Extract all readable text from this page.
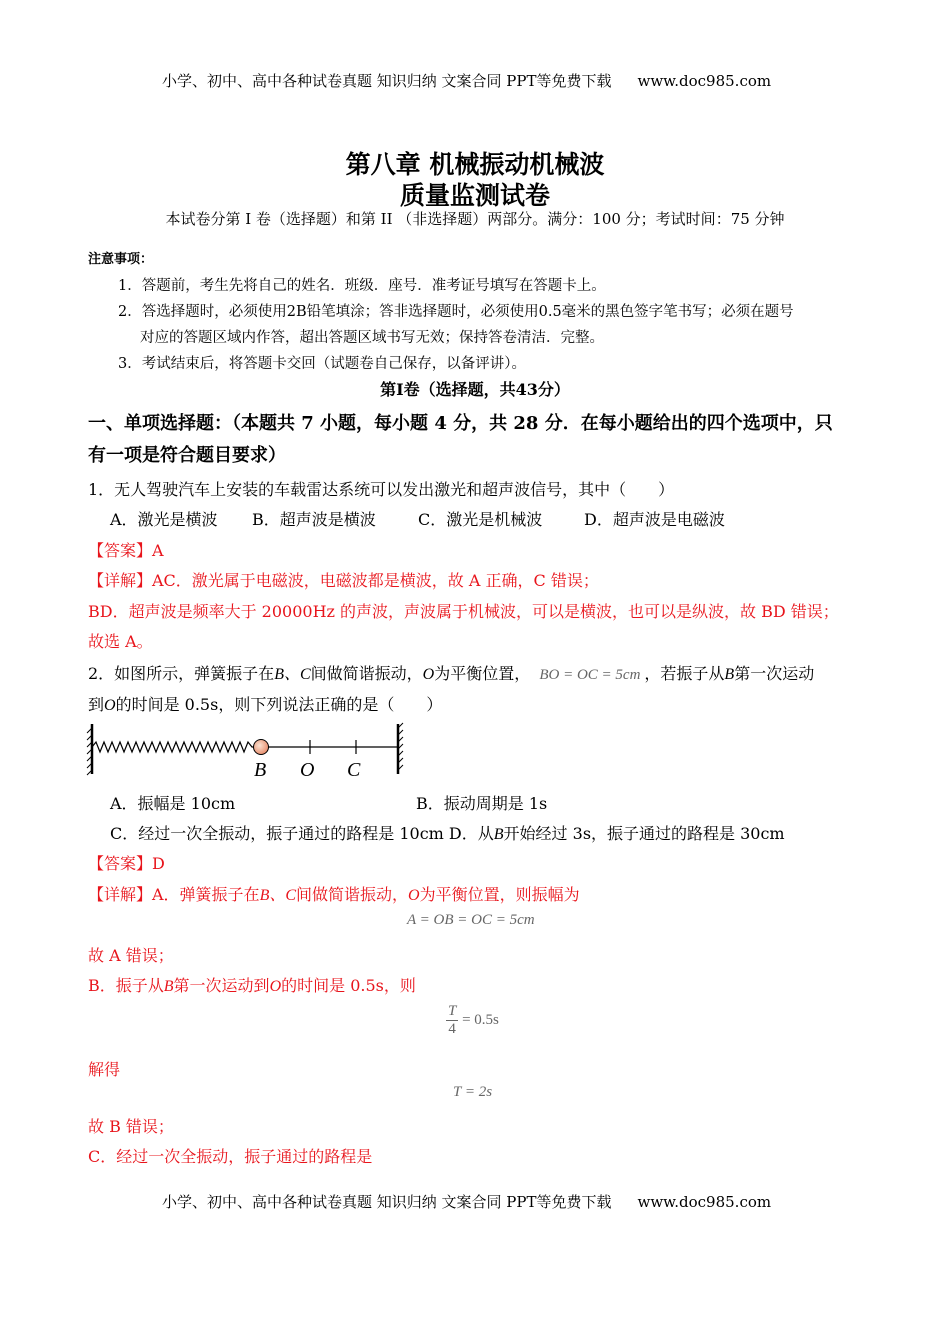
小学、初中、高中各种试卷真题 知识归纳 文案合同 PPT等免费下载 www.doc985.com
第八章 机械振动机械波
质量监测试卷
本试卷分第 I 卷（选择题）和第 II （非选择题）两部分。满分：100 分；考试时间：75 分钟
注意事项：
1．答题前，考生先将自己的姓名．班级．座号．准考证号填写在答题卡上。
2．答选择题时，必须使用2B铅笔填涂；答非选择题时，必须使用0.5毫米的黑色签字笔书写；必须在题号
对应的答题区域内作答，超出答题区域书写无效；保持答卷清洁．完整。
3．考试结束后，将答题卡交回（试题卷自己保存，以备评讲）。
第Ⅰ卷（选择题，共43分）
一、单项选择题：（本题共 7 小题，每小题 4 分，共 28 分．在每小题给出的四个选项中，只
有一项是符合题目要求）
1．无人驾驶汽车上安装的车载雷达系统可以发出激光和超声波信号，其中（　　）
A．激光是横波 B．超声波是横波	C．激光是机械波	D．超声波是电磁波
【答案】A
【详解】AC．激光属于电磁波，电磁波都是横波，故 A 正确，C 错误；
BD．超声波是频率大于 20000Hz 的声波，声波属于机械波，可以是横波，也可以是纵波，故 BD 错误；
故选 A。
2．如图所示，弹簧振子在B、C间做简谐振动，O为平衡位置， BO = OC = 5cm ，若振子从B第一次运动
到O的时间是 0.5s，则下列说法正确的是（　　）
B O C
A．振幅是 10cm	B．振动周期是 1s
C．经过一次全振动，振子通过的路程是 10cm D．从B开始经过 3s，振子通过的路程是 30cm
【答案】D
【详解】A．弹簧振子在B、C间做简谐振动，O为平衡位置，则振幅为
A = OB = OC = 5cm
故 A 错误；
B．振子从B第一次运动到O的时间是 0.5s，则
$\frac{T}{4} = 0.5s$
解得
T = 2s
故 B 错误；
C．经过一次全振动，振子通过的路程是
小学、初中、高中各种试卷真题 知识归纳 文案合同 PPT等免费下载 www.doc985.com
